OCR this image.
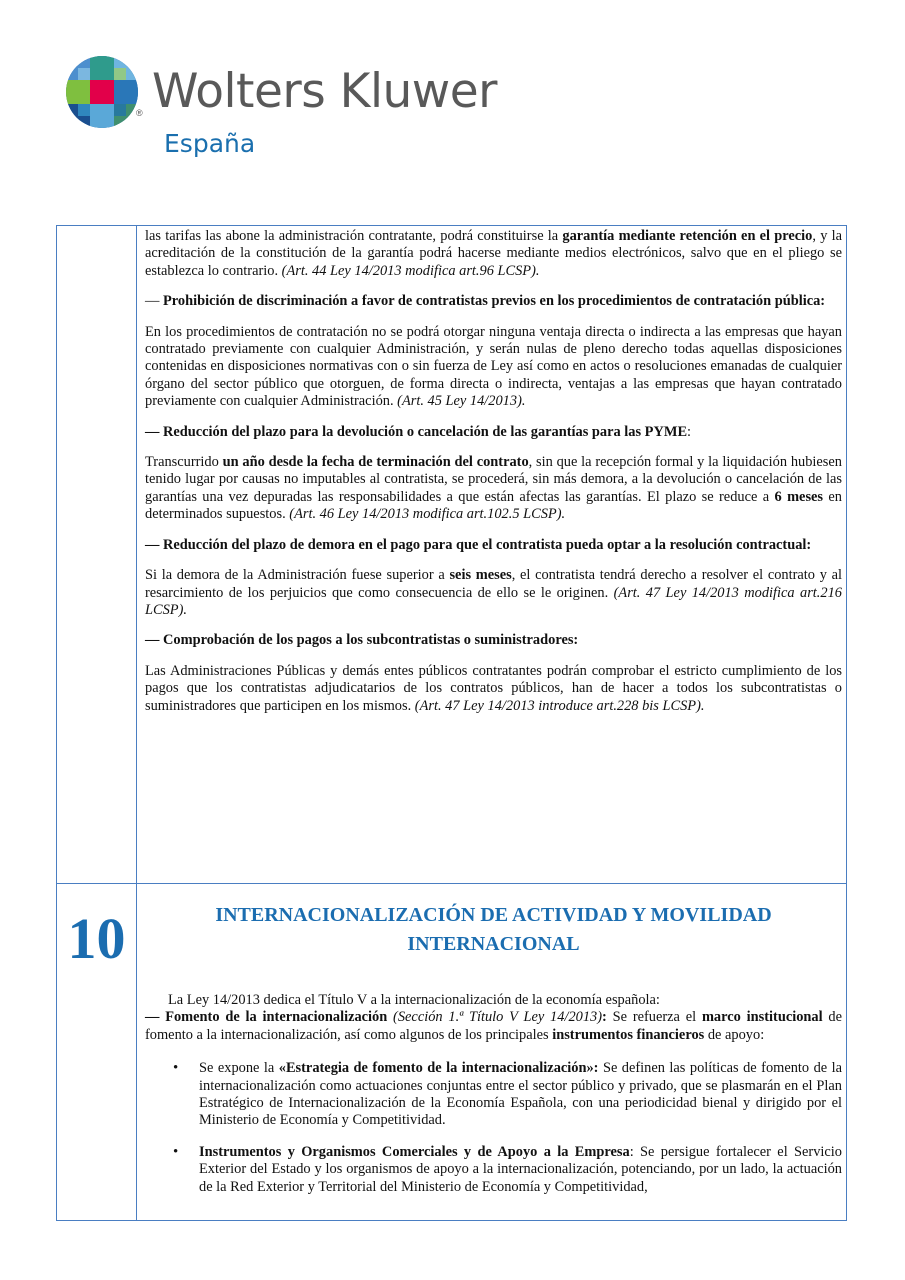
® Wolters Kluwer
España

las tarifas las abone la administración contratante, podrá constituirse la garantía mediante retención en el precio, y la acreditación de la constitución de la garantía podrá hacerse mediante medios electrónicos, salvo que en el pliego se establezca lo contrario. (Art. 44 Ley 14/2013 modifica art.96 LCSP).

— Prohibición de discriminación a favor de contratistas previos en los procedimientos de contratación pública:

En los procedimientos de contratación no se podrá otorgar ninguna ventaja directa o indirecta a las empresas que hayan contratado previamente con cualquier Administración, y serán nulas de pleno derecho todas aquellas disposiciones contenidas en disposiciones normativas con o sin fuerza de Ley así como en actos o resoluciones emanadas de cualquier órgano del sector público que otorguen, de forma directa o indirecta, ventajas a las empresas que hayan contratado previamente con cualquier Administración. (Art. 45 Ley 14/2013).

— Reducción del plazo para la devolución o cancelación de las garantías para las PYME:

Transcurrido un año desde la fecha de terminación del contrato, sin que la recepción formal y la liquidación hubiesen tenido lugar por causas no imputables al contratista, se procederá, sin más demora, a la devolución o cancelación de las garantías una vez depuradas las responsabilidades a que están afectas las garantías. El plazo se reduce a 6 meses en determinados supuestos. (Art. 46 Ley 14/2013 modifica art.102.5 LCSP).

— Reducción del plazo de demora en el pago para que el contratista pueda optar a la resolución contractual:

Si la demora de la Administración fuese superior a seis meses, el contratista tendrá derecho a resolver el contrato y al resarcimiento de los perjuicios que como consecuencia de ello se le originen. (Art. 47 Ley 14/2013 modifica art.216 LCSP).

— Comprobación de los pagos a los subcontratistas o suministradores:

Las Administraciones Públicas y demás entes públicos contratantes podrán comprobar el estricto cumplimiento de los pagos que los contratistas adjudicatarios de los contratos públicos, han de hacer a todos los subcontratistas o suministradores que participen en los mismos. (Art. 47 Ley 14/2013 introduce art.228 bis LCSP).

10	INTERNACIONALIZACIÓN DE ACTIVIDAD Y MOVILIDAD
INTERNACIONAL

La Ley 14/2013 dedica el Título V a la internacionalización de la economía española:

— Fomento de la internacionalización (Sección 1.ª Título V Ley 14/2013): Se refuerza el marco institucional de fomento a la internacionalización, así como algunos de los principales instrumentos financieros de apoyo:

• Se expone la «Estrategia de fomento de la internacionalización»: Se definen las políticas de fomento de la internacionalización como actuaciones conjuntas entre el sector público y privado, que se plasmarán en el Plan Estratégico de Internacionalización de la Economía Española, con una periodicidad bienal y dirigido por el Ministerio de Economía y Competitividad.
• Instrumentos y Organismos Comerciales y de Apoyo a la Empresa: Se persigue fortalecer el Servicio Exterior del Estado y los organismos de apoyo a la internacionalización, potenciando, por un lado, la actuación de la Red Exterior y Territorial del Ministerio de Economía y Competitividad,
